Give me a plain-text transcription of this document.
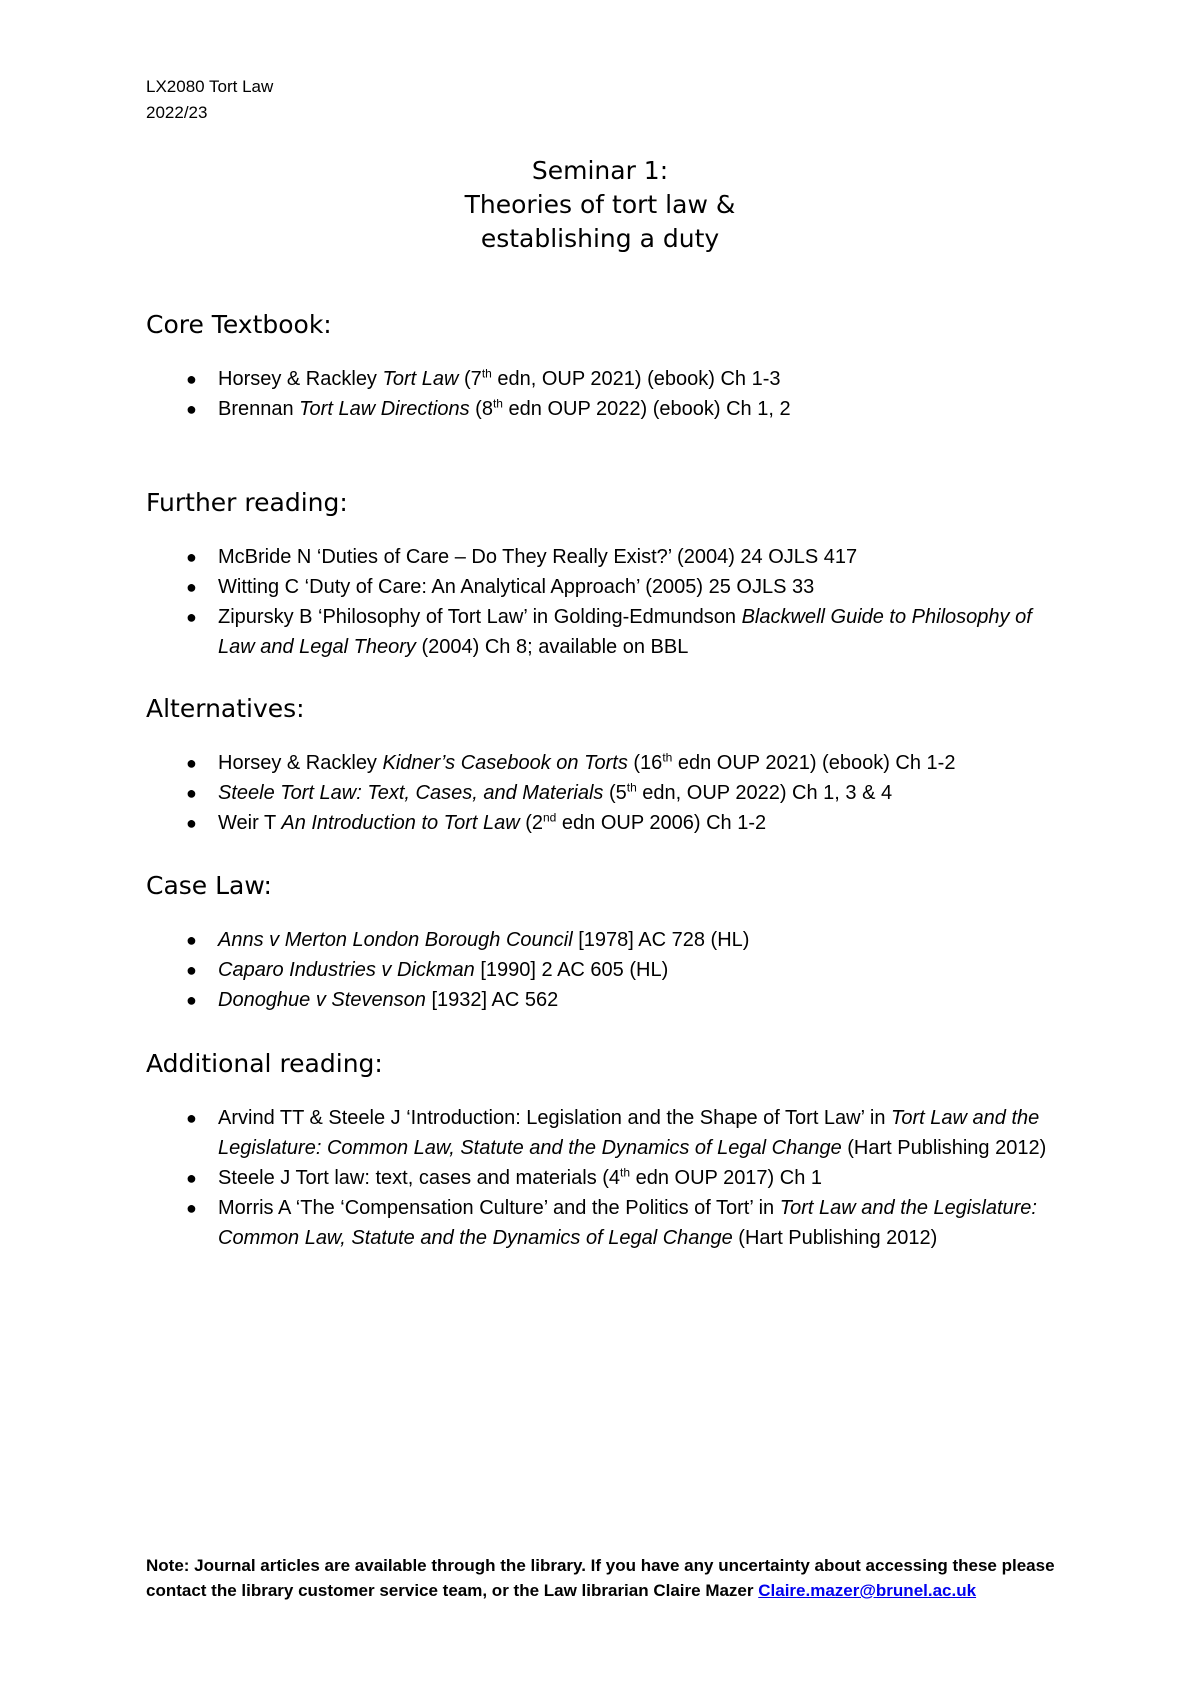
LX2080 Tort Law
2022/23
Seminar 1:
Theories of tort law &
establishing a duty
Core Textbook:
● Horsey & Rackley Tort Law (7th edn, OUP 2021) (ebook) Ch 1-3
● Brennan Tort Law Directions (8th edn OUP 2022) (ebook) Ch 1, 2
Further reading:
● McBride N ‘Duties of Care – Do They Really Exist?’ (2004) 24 OJLS 417
● Witting C ‘Duty of Care: An Analytical Approach’ (2005) 25 OJLS 33
● Zipursky B ‘Philosophy of Tort Law’ in Golding-Edmundson Blackwell Guide to Philosophy of Law and Legal Theory (2004) Ch 8; available on BBL
Alternatives:
● Horsey & Rackley Kidner’s Casebook on Torts (16th edn OUP 2021) (ebook) Ch 1-2
● Steele Tort Law: Text, Cases, and Materials (5th edn, OUP 2022) Ch 1, 3 & 4
● Weir T An Introduction to Tort Law (2nd edn OUP 2006) Ch 1-2
Case Law:
● Anns v Merton London Borough Council [1978] AC 728 (HL)
● Caparo Industries v Dickman [1990] 2 AC 605 (HL)
● Donoghue v Stevenson [1932] AC 562
Additional reading:
● Arvind TT & Steele J ‘Introduction: Legislation and the Shape of Tort Law’ in Tort Law and the Legislature: Common Law, Statute and the Dynamics of Legal Change (Hart Publishing 2012)
● Steele J Tort law: text, cases and materials (4th edn OUP 2017) Ch 1
● Morris A ‘The ‘Compensation Culture’ and the Politics of Tort’ in Tort Law and the Legislature: Common Law, Statute and the Dynamics of Legal Change (Hart Publishing 2012)
Note: Journal articles are available through the library. If you have any uncertainty about accessing these please contact the library customer service team, or the Law librarian Claire Mazer Claire.mazer@brunel.ac.uk
